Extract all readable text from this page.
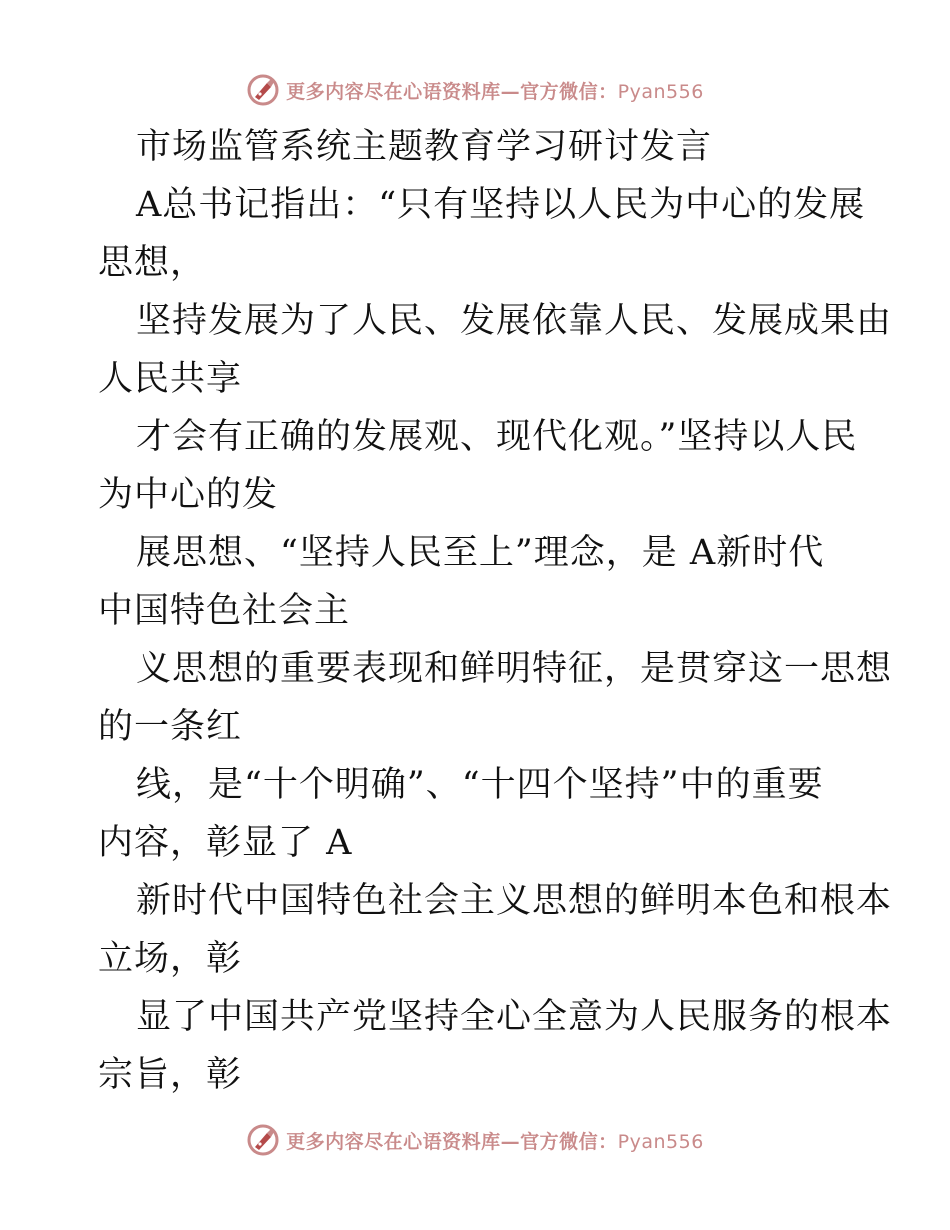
更多内容尽在心语资料库—官方微信：Pyan556
市场监管系统主题教育学习研讨发言
A总书记指出：“只有坚持以人民为中心的发展
思想，
坚持发展为了人民、发展依靠人民、发展成果由
人民共享
才会有正确的发展观、现代化观。”坚持以人民
为中心的发
展思想、“坚持人民至上”理念，是 A新时代
中国特色社会主
义思想的重要表现和鲜明特征，是贯穿这一思想
的一条红
线，是“十个明确”、“十四个坚持”中的重要
内容，彰显了 A
新时代中国特色社会主义思想的鲜明本色和根本
立场，彰
显了中国共产党坚持全心全意为人民服务的根本
宗旨，彰
更多内容尽在心语资料库—官方微信：Pyan556
